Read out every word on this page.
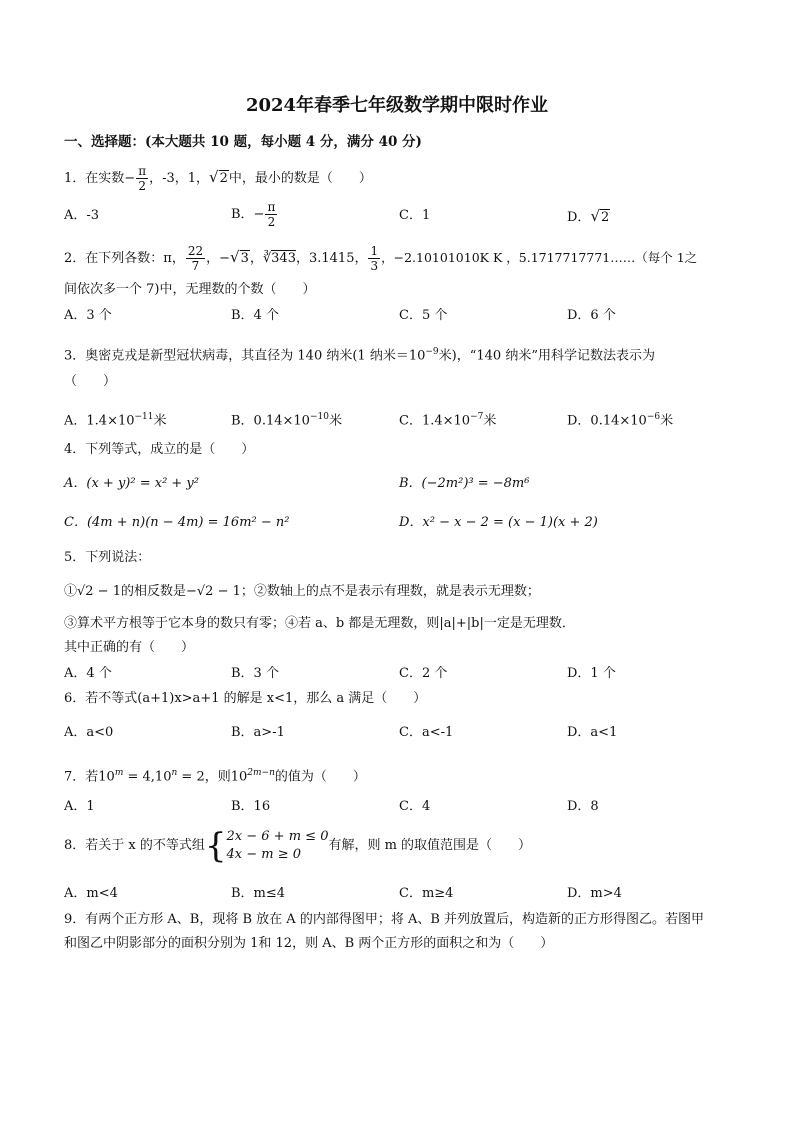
2024年春季七年级数学期中限时作业
一、选择题：(本大题共 10 题，每小题 4 分，满分 40 分)
1．在实数− $\frac{\pi}{2}$ ，-3，1，√2中，最小的数是（　　）
A．-3	B．− $\frac{\pi}{2}$	C．1	D．√2
2．在下列各数：π， $\frac{22}{7}$ ，−√3，∛343，3.1415， $\frac{1}{3}$ ，−2.10101010K K ，5.1717717771……（每个 1之
间依次多一个 7)中，无理数的个数（　　）
A．3 个	B．4 个	C．5 个	D．6 个
3．奥密克戎是新型冠状病毒，其直径为 140 纳米(1 纳米$=10^{-9}$米)，“140 纳米”用科学记数法表示为
（　　）
A．$1.4\times 10^{-11}$米	B．$0.14\times 10^{-10}$米	C．$1.4\times 10^{-7}$米	D．$0.14\times 10^{-6}$米
4．下列等式，成立的是（　　）
A．(x + y)² = x² + y²	B．(−2m²)³ = −8m⁶
C．(4m + n)(n − 4m) = 16m² − n²	D．x² − x − 2 = (x − 1)(x + 2)
5．下列说法：
①√2 − 1的相反数是−√2 − 1；②数轴上的点不是表示有理数，就是表示无理数；
③算术平方根等于它本身的数只有零；④若 a、b 都是无理数，则|a|+|b|一定是无理数．
其中正确的有（　　）
A．4 个	B．3 个	C．2 个	D．1 个
6．若不等式(a+1)x>a+1 的解是 x<1，那么 a 满足（　　）
A．a<0	B．a>-1	C．a<-1	D．a<1
7．若$10^m = 4,10^n = 2$，则$10^{2m-n}$的值为（　　）
A．1	B．16	C．4	D．8
8．若关于 x 的不等式组{ 2x − 6 + m ≤ 0
4x − m ≥ 0
有解，则 m 的取值范围是（　　）
A．m<4	B．m≤4	C．m≥4	D．m>4
9．有两个正方形 A、B，现将 B 放在 A 的内部得图甲；将 A、B 并列放置后，构造新的正方形得图乙。若图甲
和图乙中阴影部分的面积分别为 1和 12，则 A、B 两个正方形的面积之和为（　　）
